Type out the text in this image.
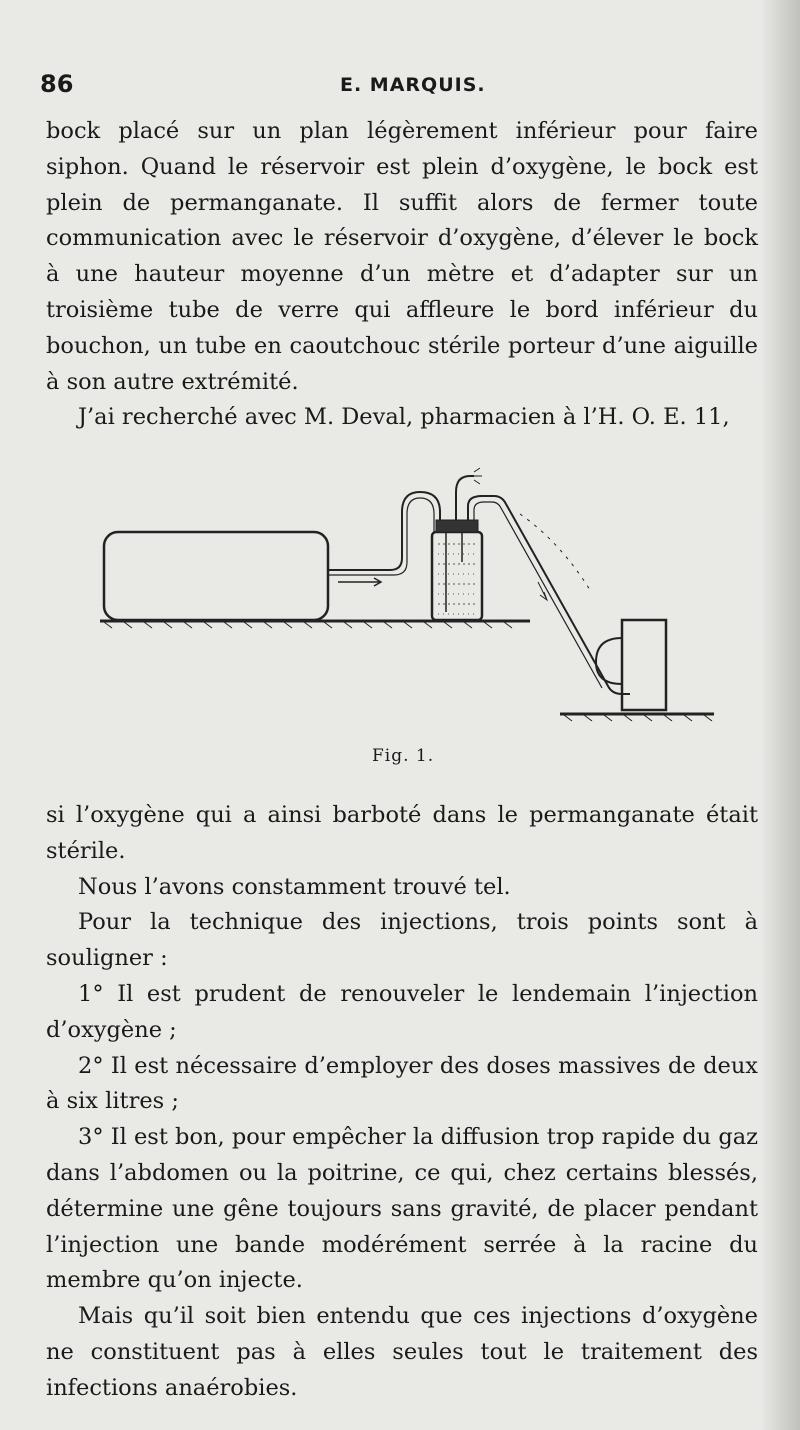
86	E. MARQUIS.

bock placé sur un plan légèrement inférieur pour faire siphon. Quand le réservoir est plein d’oxygène, le bock est plein de permanganate. Il suffit alors de fermer toute communication avec le réservoir d’oxygène, d’élever le bock à une hauteur moyenne d’un mètre et d’adapter sur un troisième tube de verre qui affleure le bord inférieur du bouchon, un tube en caoutchouc stérile porteur d’une aiguille à son autre extrémité.

J’ai recherché avec M. Deval, pharmacien à l’H. O. E. 11,

Fig. 1.

si l’oxygène qui a ainsi barboté dans le permanganate était stérile.

Nous l’avons constamment trouvé tel.

Pour la technique des injections, trois points sont à souligner :

1° Il est prudent de renouveler le lendemain l’injection d’oxygène ;

2° Il est nécessaire d’employer des doses massives de deux à six litres ;

3° Il est bon, pour empêcher la diffusion trop rapide du gaz dans l’abdomen ou la poitrine, ce qui, chez certains blessés, détermine une gêne toujours sans gravité, de placer pendant l’injection une bande modérément serrée à la racine du membre qu’on injecte.

Mais qu’il soit bien entendu que ces injections d’oxygène ne constituent pas à elles seules tout le traitement des infections anaérobies.
